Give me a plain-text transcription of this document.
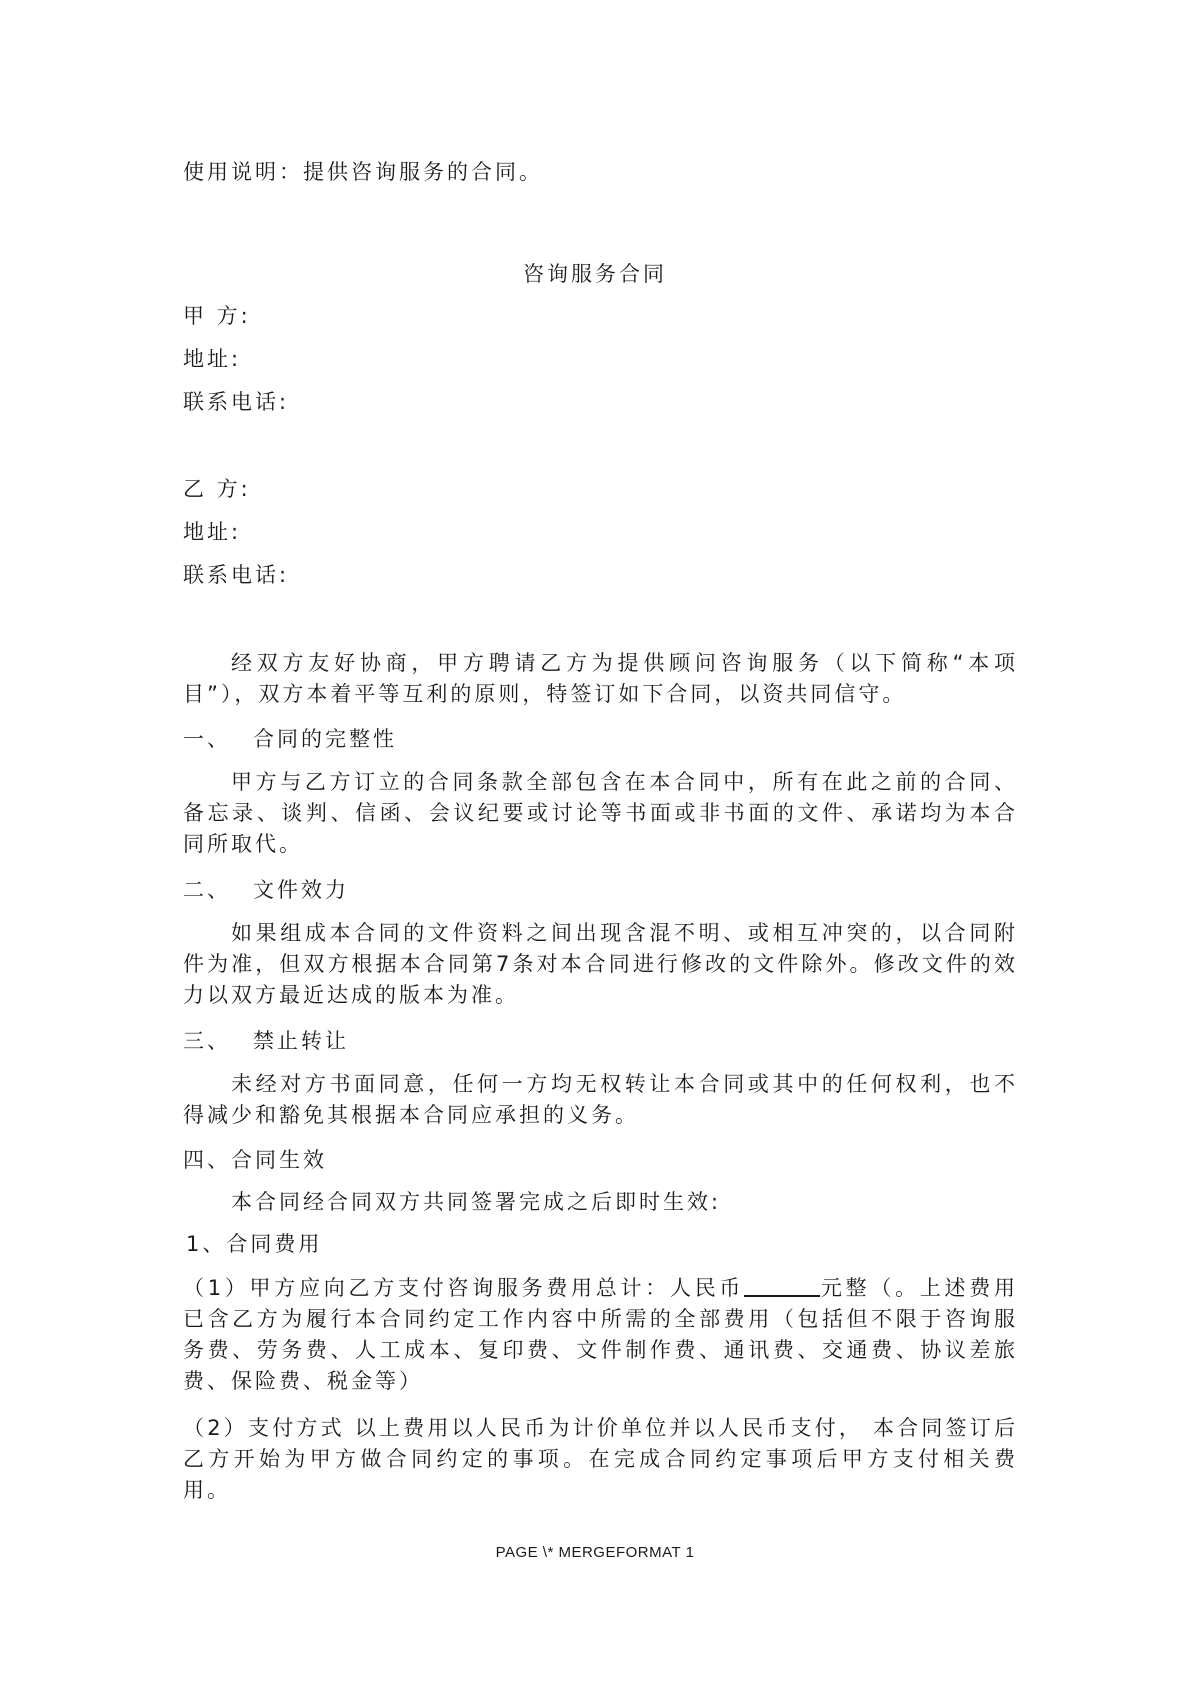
使用说明：提供咨询服务的合同。
咨询服务合同
甲 方:
地址:
联系电话:
乙 方:
地址:
联系电话:
经双方友好协商，甲方聘请乙方为提供顾问咨询服务（以下简称“本项目”），双方本着平等互利的原则，特签订如下合同，以资共同信守。
一、 合同的完整性
甲方与乙方订立的合同条款全部包含在本合同中，所有在此之前的合同、备忘录、谈判、信函、会议纪要或讨论等书面或非书面的文件、承诺均为本合同所取代。
二、 文件效力
如果组成本合同的文件资料之间出现含混不明、或相互冲突的，以合同附件为准，但双方根据本合同第7条对本合同进行修改的文件除外。修改文件的效力以双方最近达成的版本为准。
三、 禁止转让
未经对方书面同意，任何一方均无权转让本合同或其中的任何权利，也不得减少和豁免其根据本合同应承担的义务。
四、合同生效
本合同经合同双方共同签署完成之后即时生效:
1、合同费用
（1）甲方应向乙方支付咨询服务费用总计：人民币	元整（。上述费用已含乙方为履行本合同约定工作内容中所需的全部费用（包括但不限于咨询服务费、劳务费、人工成本、复印费、文件制作费、通讯费、交通费、协议差旅费、保险费、税金等）
（2）支付方式 以上费用以人民币为计价单位并以人民币支付， 本合同签订后乙方开始为甲方做合同约定的事项。在完成合同约定事项后甲方支付相关费用。
PAGE \* MERGEFORMAT 1
